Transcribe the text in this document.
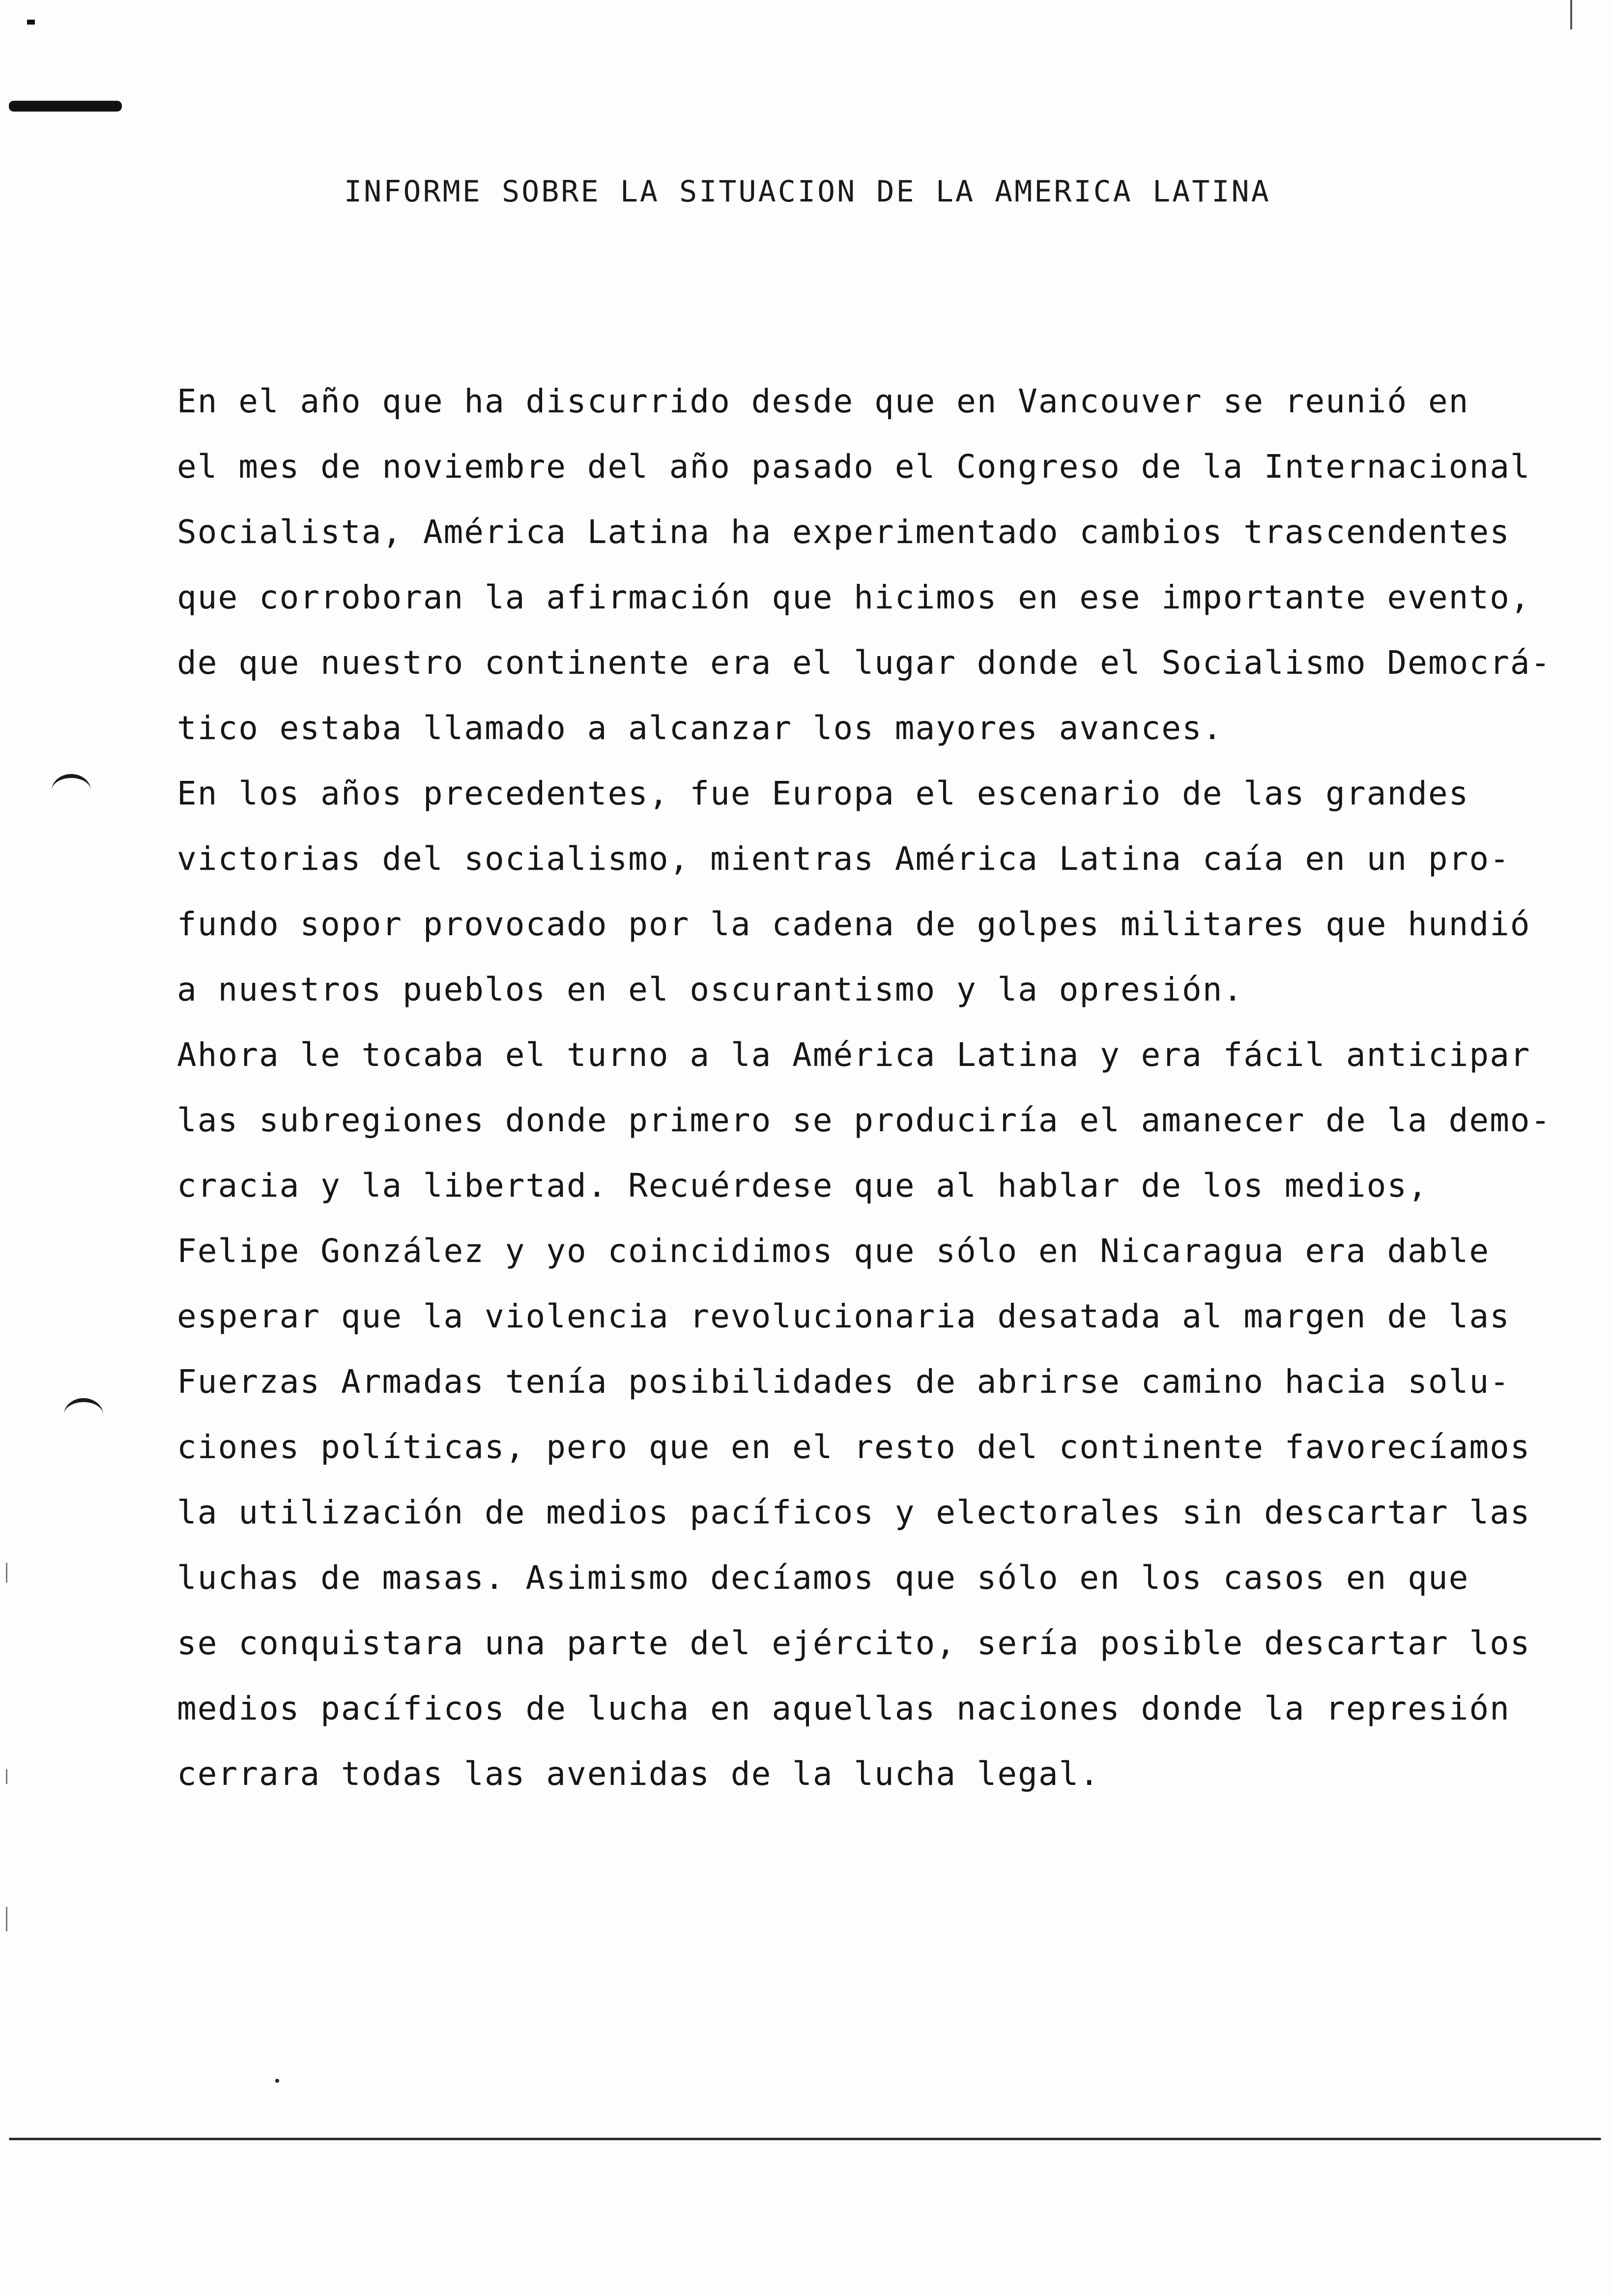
INFORME SOBRE LA SITUACION DE LA AMERICA LATINA
En el año que ha discurrido desde que en Vancouver se reunió en
el mes de noviembre del año pasado el Congreso de la Internacional
Socialista, América Latina ha experimentado cambios trascendentes
que corroboran la afirmación que hicimos en ese importante evento,
de que nuestro continente era el lugar donde el Socialismo Democrá-
tico estaba llamado a alcanzar los mayores avances.
En los años precedentes, fue Europa el escenario de las grandes
victorias del socialismo, mientras América Latina caía en un pro-
fundo sopor provocado por la cadena de golpes militares que hundió
a nuestros pueblos en el oscurantismo y la opresión.
Ahora le tocaba el turno a la América Latina y era fácil anticipar
las subregiones donde primero se produciría el amanecer de la demo-
cracia y la libertad. Recuérdese que al hablar de los medios,
Felipe González y yo coincidimos que sólo en Nicaragua era dable
esperar que la violencia revolucionaria desatada al margen de las
Fuerzas Armadas tenía posibilidades de abrirse camino hacia solu-
ciones políticas, pero que en el resto del continente favorecíamos
la utilización de medios pacíficos y electorales sin descartar las
luchas de masas. Asimismo decíamos que sólo en los casos en que
se conquistara una parte del ejército, sería posible descartar los
medios pacíficos de lucha en aquellas naciones donde la represión
cerrara todas las avenidas de la lucha legal.
